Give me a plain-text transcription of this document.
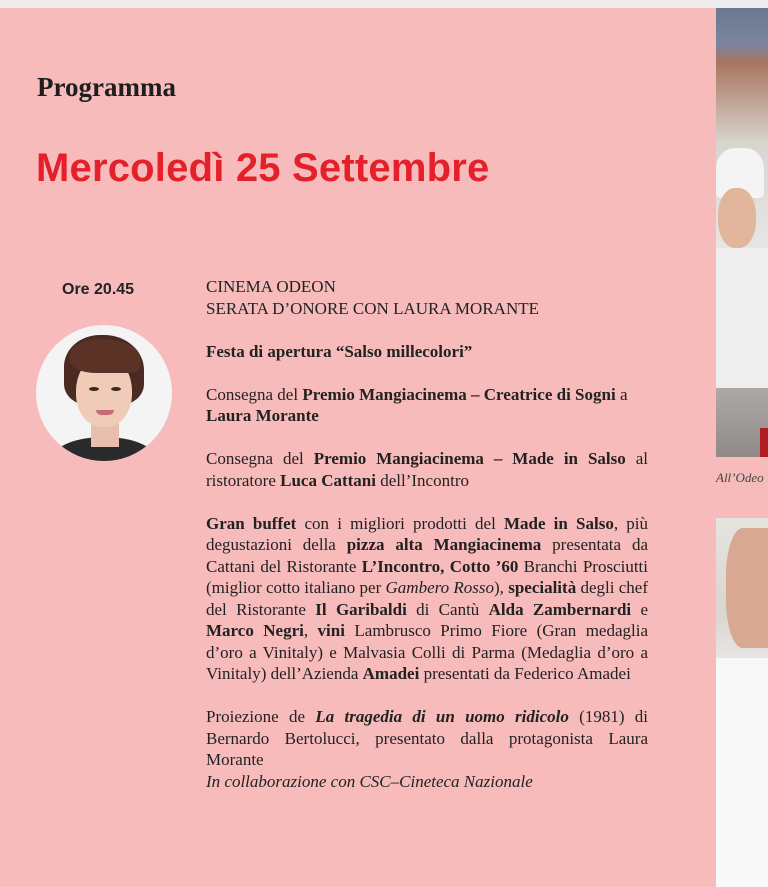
Programma
Mercoledì 25 Settembre
Ore 20.45	CINEMA ODEON

SERATA D’ONORE CON LAURA MORANTE

Festa di apertura “Salso millecolori”

Consegna del Premio Mangiacinema – Creatrice di Sogni a Laura Morante

Consegna del Premio Mangiacinema – Made in Salso al ristoratore Luca Cattani dell’Incontro

Gran buffet con i migliori prodotti del Made in Salso, più degustazioni della pizza alta Mangiacinema presentata da Cattani del Ristorante L’Incontro, Cotto ’60 Branchi Prosciutti (miglior cotto italiano per Gambero Rosso), specialità degli chef del Ristorante Il Garibaldi di Cantù Alda Zambernardi e Marco Negri, vini Lambrusco Primo Fiore (Gran medaglia d’oro a Vinitaly) e Malvasia Colli di Parma (Medaglia d’oro a Vinitaly) dell’Azienda Amadei presentati da Federico Amadei

Proiezione de La tragedia di un uomo ridicolo (1981) di Bernardo Bertolucci, presentato dalla protagonista Laura Morante

In collaborazione con CSC–Cineteca Nazionale

All’Odeo
